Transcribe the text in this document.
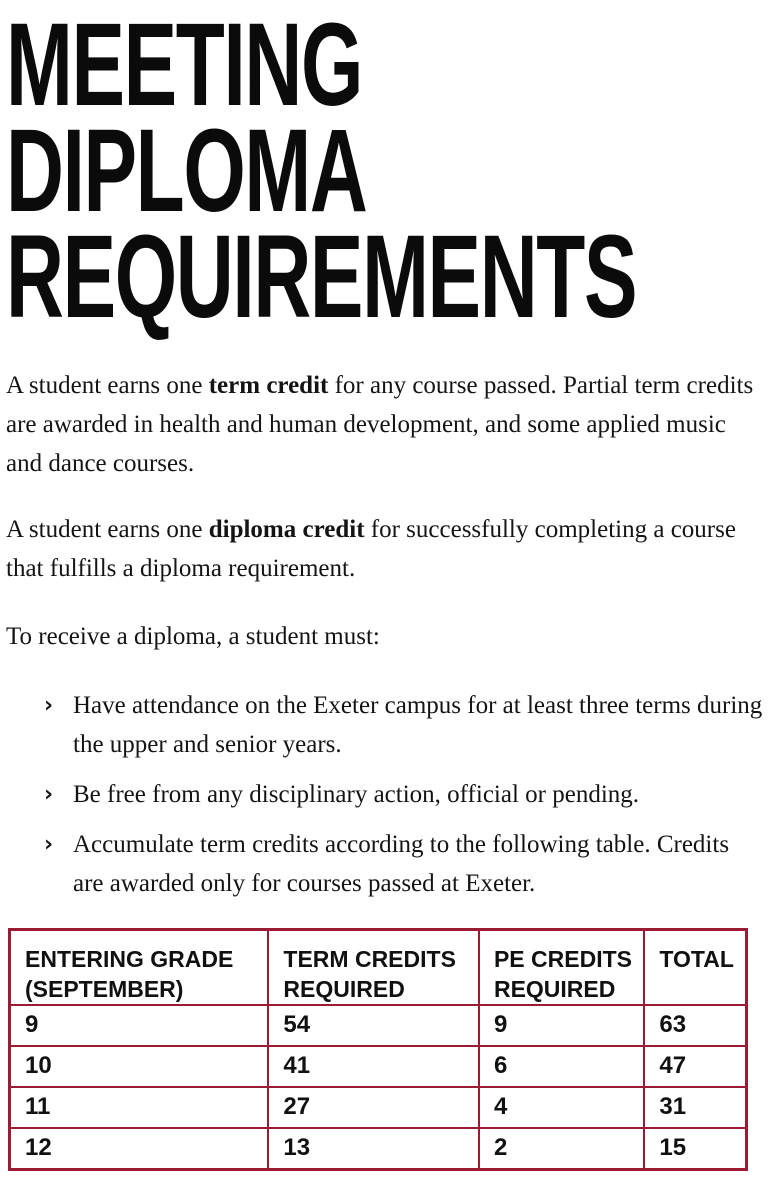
MEETING
DIPLOMA
REQUIREMENTS

A student earns one term credit for any course passed. Partial term credits are awarded in health and human development, and some applied music and dance courses.

A student earns one diploma credit for successfully completing a course that fulfills a diploma requirement.

To receive a diploma, a student must:

› Have attendance on the Exeter campus for at least three terms during the upper and senior years.
› Be free from any disciplinary action, official or pending.
› Accumulate term credits according to the following table. Credits are awarded only for courses passed at Exeter.
ENTERING GRADE (SEPTEMBER)	TERM CREDITS REQUIRED	PE CREDITS REQUIRED	TOTAL
9	54	9	63
10	41	6	47
11	27	4	31
12	13	2	15
